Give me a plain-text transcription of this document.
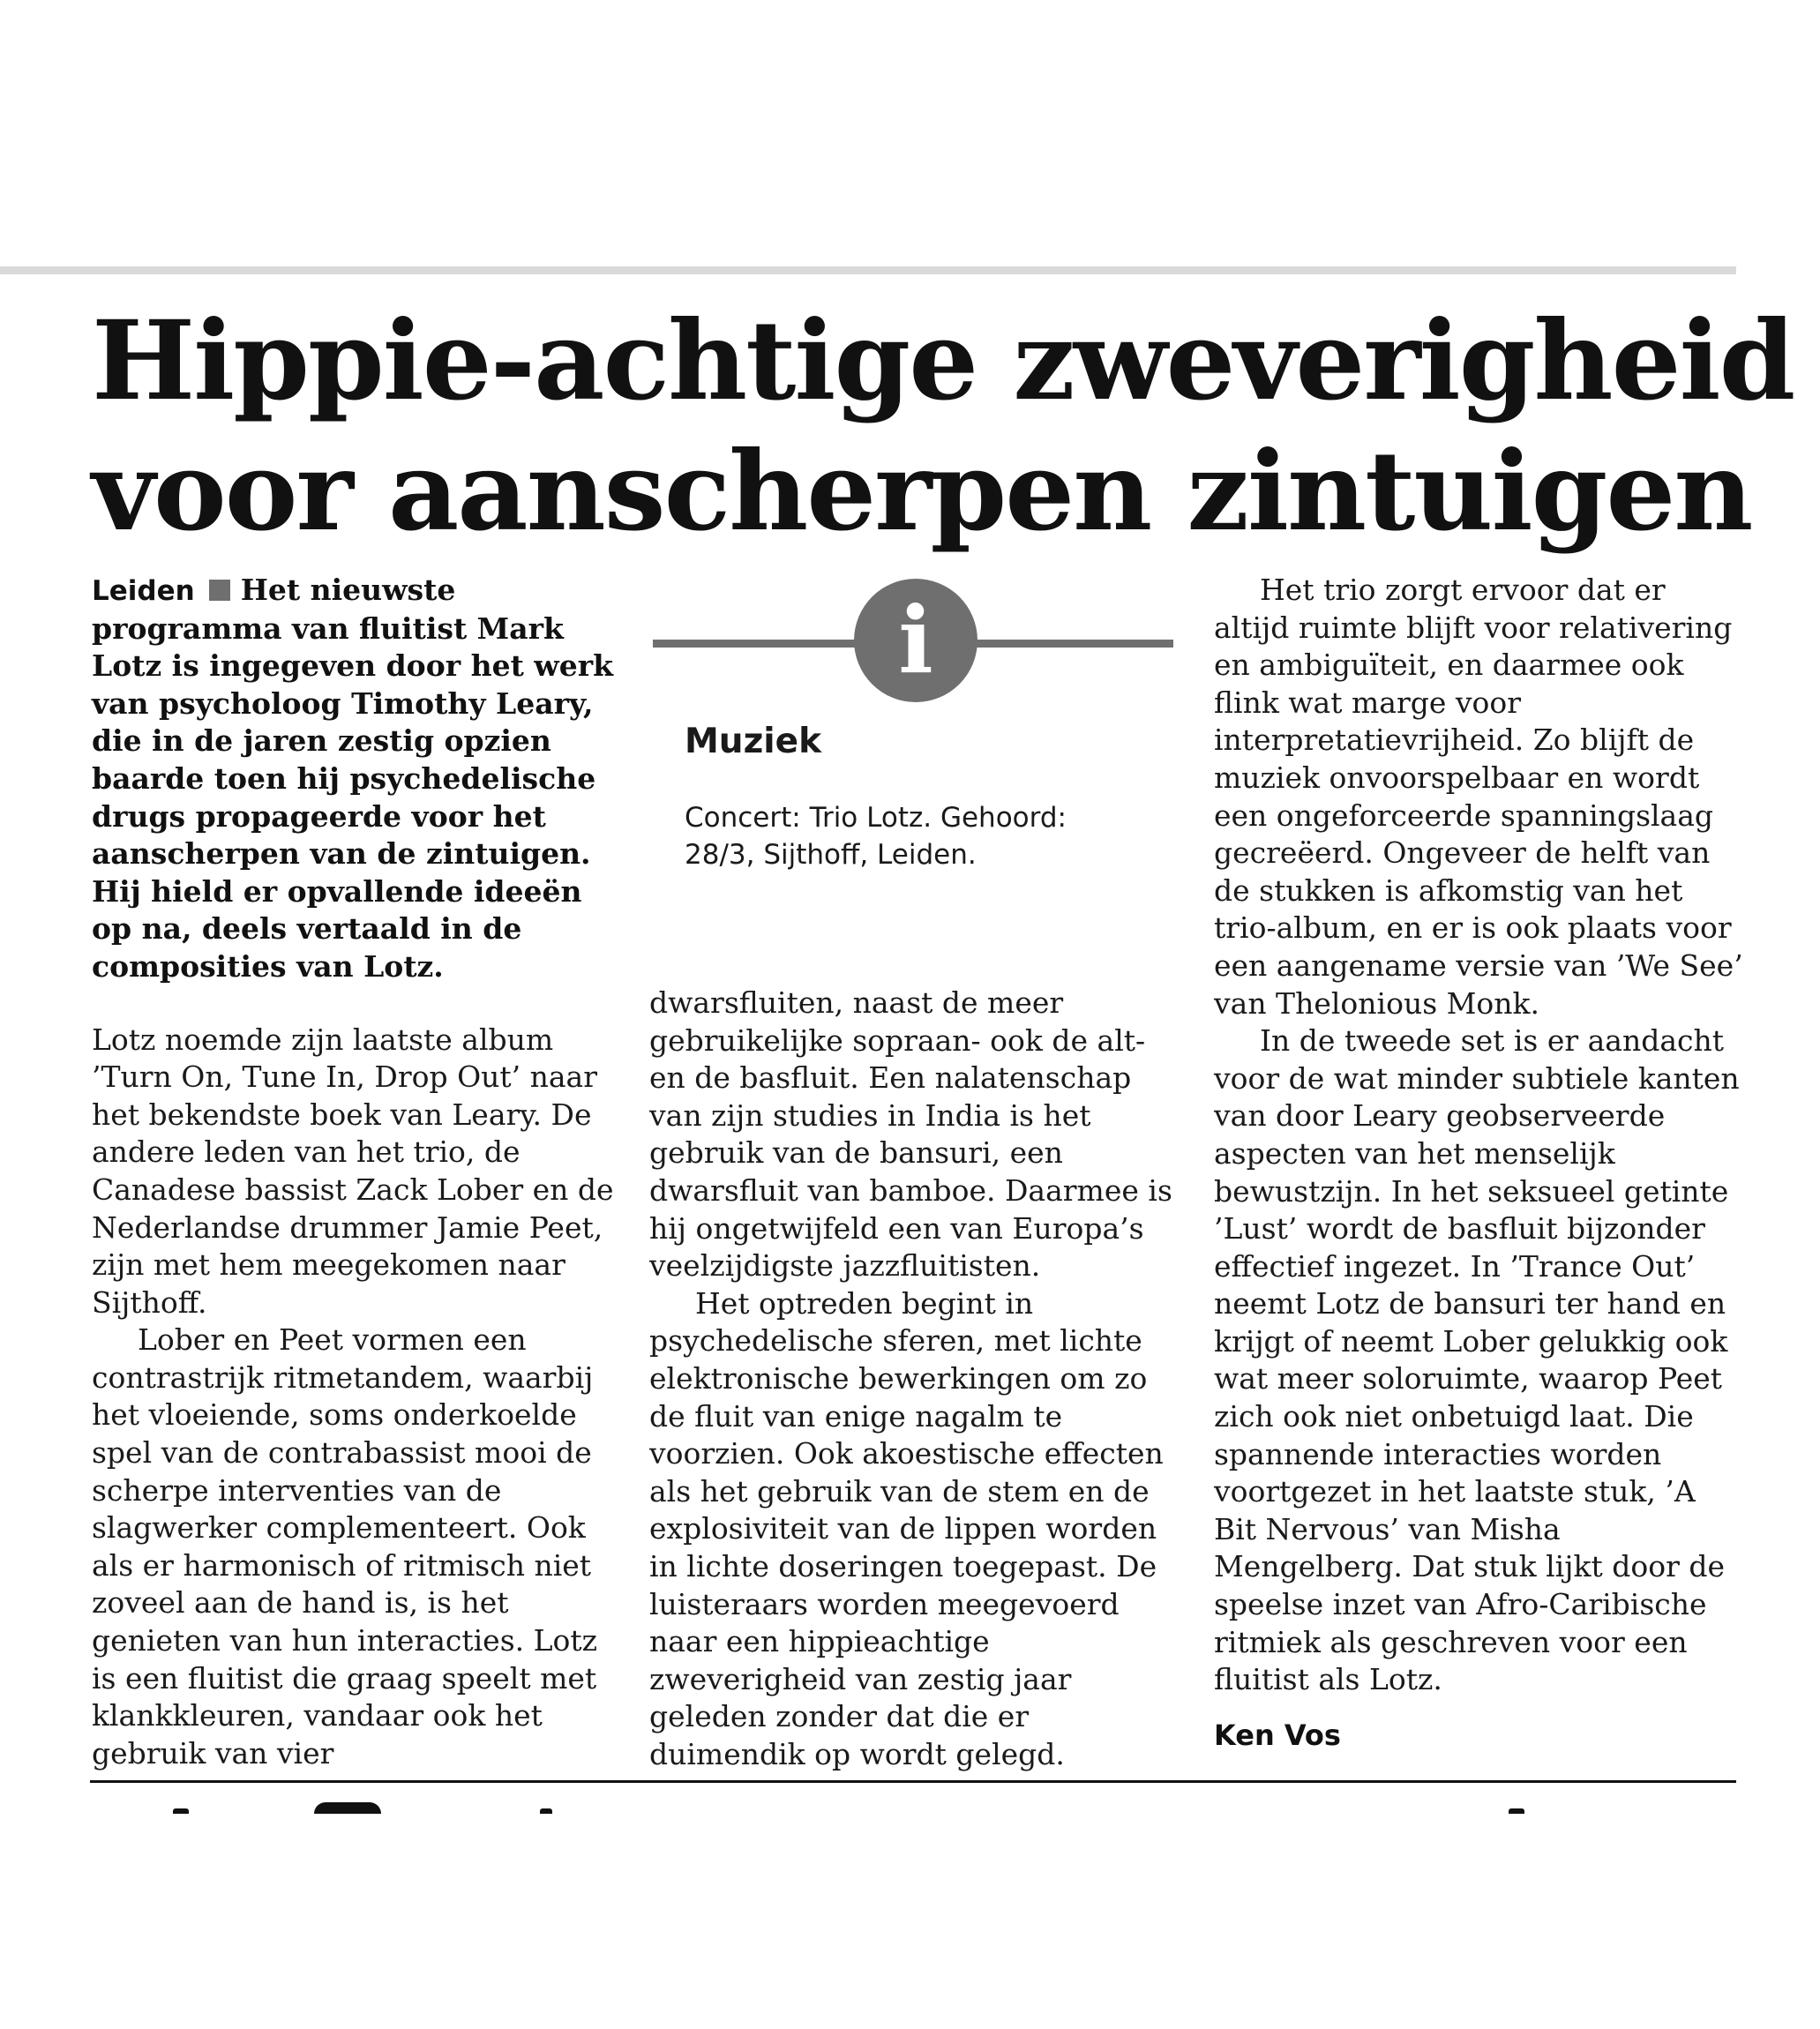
Hippie-achtige zweverigheid
voor aanscherpen zintuigen

Leiden Het nieuwste programma van fluitist Mark Lotz is ingegeven door het werk van psycholoog Timothy Leary, die in de jaren zestig opzien baarde toen hij psychedelische drugs propageerde voor het aanscherpen van de zintuigen. Hij hield er opvallende ideeën op na, deels vertaald in de composities van Lotz.

Lotz noemde zijn laatste album ’Turn On, Tune In, Drop Out’ naar het bekendste boek van Leary. De andere leden van het trio, de Canadese bassist Zack Lober en de Nederlandse drummer Jamie Peet, zijn met hem meegekomen naar Sijthoff.

Lober en Peet vormen een contrastrijk ritmetandem, waarbij het vloeiende, soms onderkoelde spel van de contrabassist mooi de scherpe interventies van de slagwerker complementeert. Ook als er harmonisch of ritmisch niet zoveel aan de hand is, is het genieten van hun interacties. Lotz is een fluitist die graag speelt met klankkleuren, vandaar ook het gebruik van vier

i
Muziek

Concert: Trio Lotz. Gehoord: 28/3, Sijthoff, Leiden.

dwarsfluiten, naast de meer gebruikelijke sopraan- ook de alt- en de basfluit. Een nalatenschap van zijn studies in India is het gebruik van de bansuri, een dwarsfluit van bamboe. Daarmee is hij ongetwijfeld een van Europa’s veelzijdigste jazzfluitisten.

Het optreden begint in psychedelische sferen, met lichte elektronische bewerkingen om zo de fluit van enige nagalm te voorzien. Ook akoestische effecten als het gebruik van de stem en de explosiviteit van de lippen worden in lichte doseringen toegepast. De luisteraars worden meegevoerd naar een hippieachtige zweverigheid van zestig jaar geleden zonder dat die er duimendik op wordt gelegd.

Het trio zorgt ervoor dat er altijd ruimte blijft voor relativering en ambiguïteit, en daarmee ook flink wat marge voor interpretatievrijheid. Zo blijft de muziek onvoorspelbaar en wordt een ongeforceerde spanningslaag gecreëerd. Ongeveer de helft van de stukken is afkomstig van het trio-album, en er is ook plaats voor een aangename versie van ’We See’ van Thelonious Monk.

In de tweede set is er aandacht voor de wat minder subtiele kanten van door Leary geobserveerde aspecten van het menselijk bewustzijn. In het seksueel getinte ’Lust’ wordt de basfluit bijzonder effectief ingezet. In ’Trance Out’ neemt Lotz de bansuri ter hand en krijgt of neemt Lober gelukkig ook wat meer soloruimte, waarop Peet zich ook niet onbetuigd laat. Die spannende interacties worden voortgezet in het laatste stuk, ’A Bit Nervous’ van Misha Mengelberg. Dat stuk lijkt door de speelse inzet van Afro-Caribische ritmiek als geschreven voor een fluitist als Lotz.

Ken Vos
